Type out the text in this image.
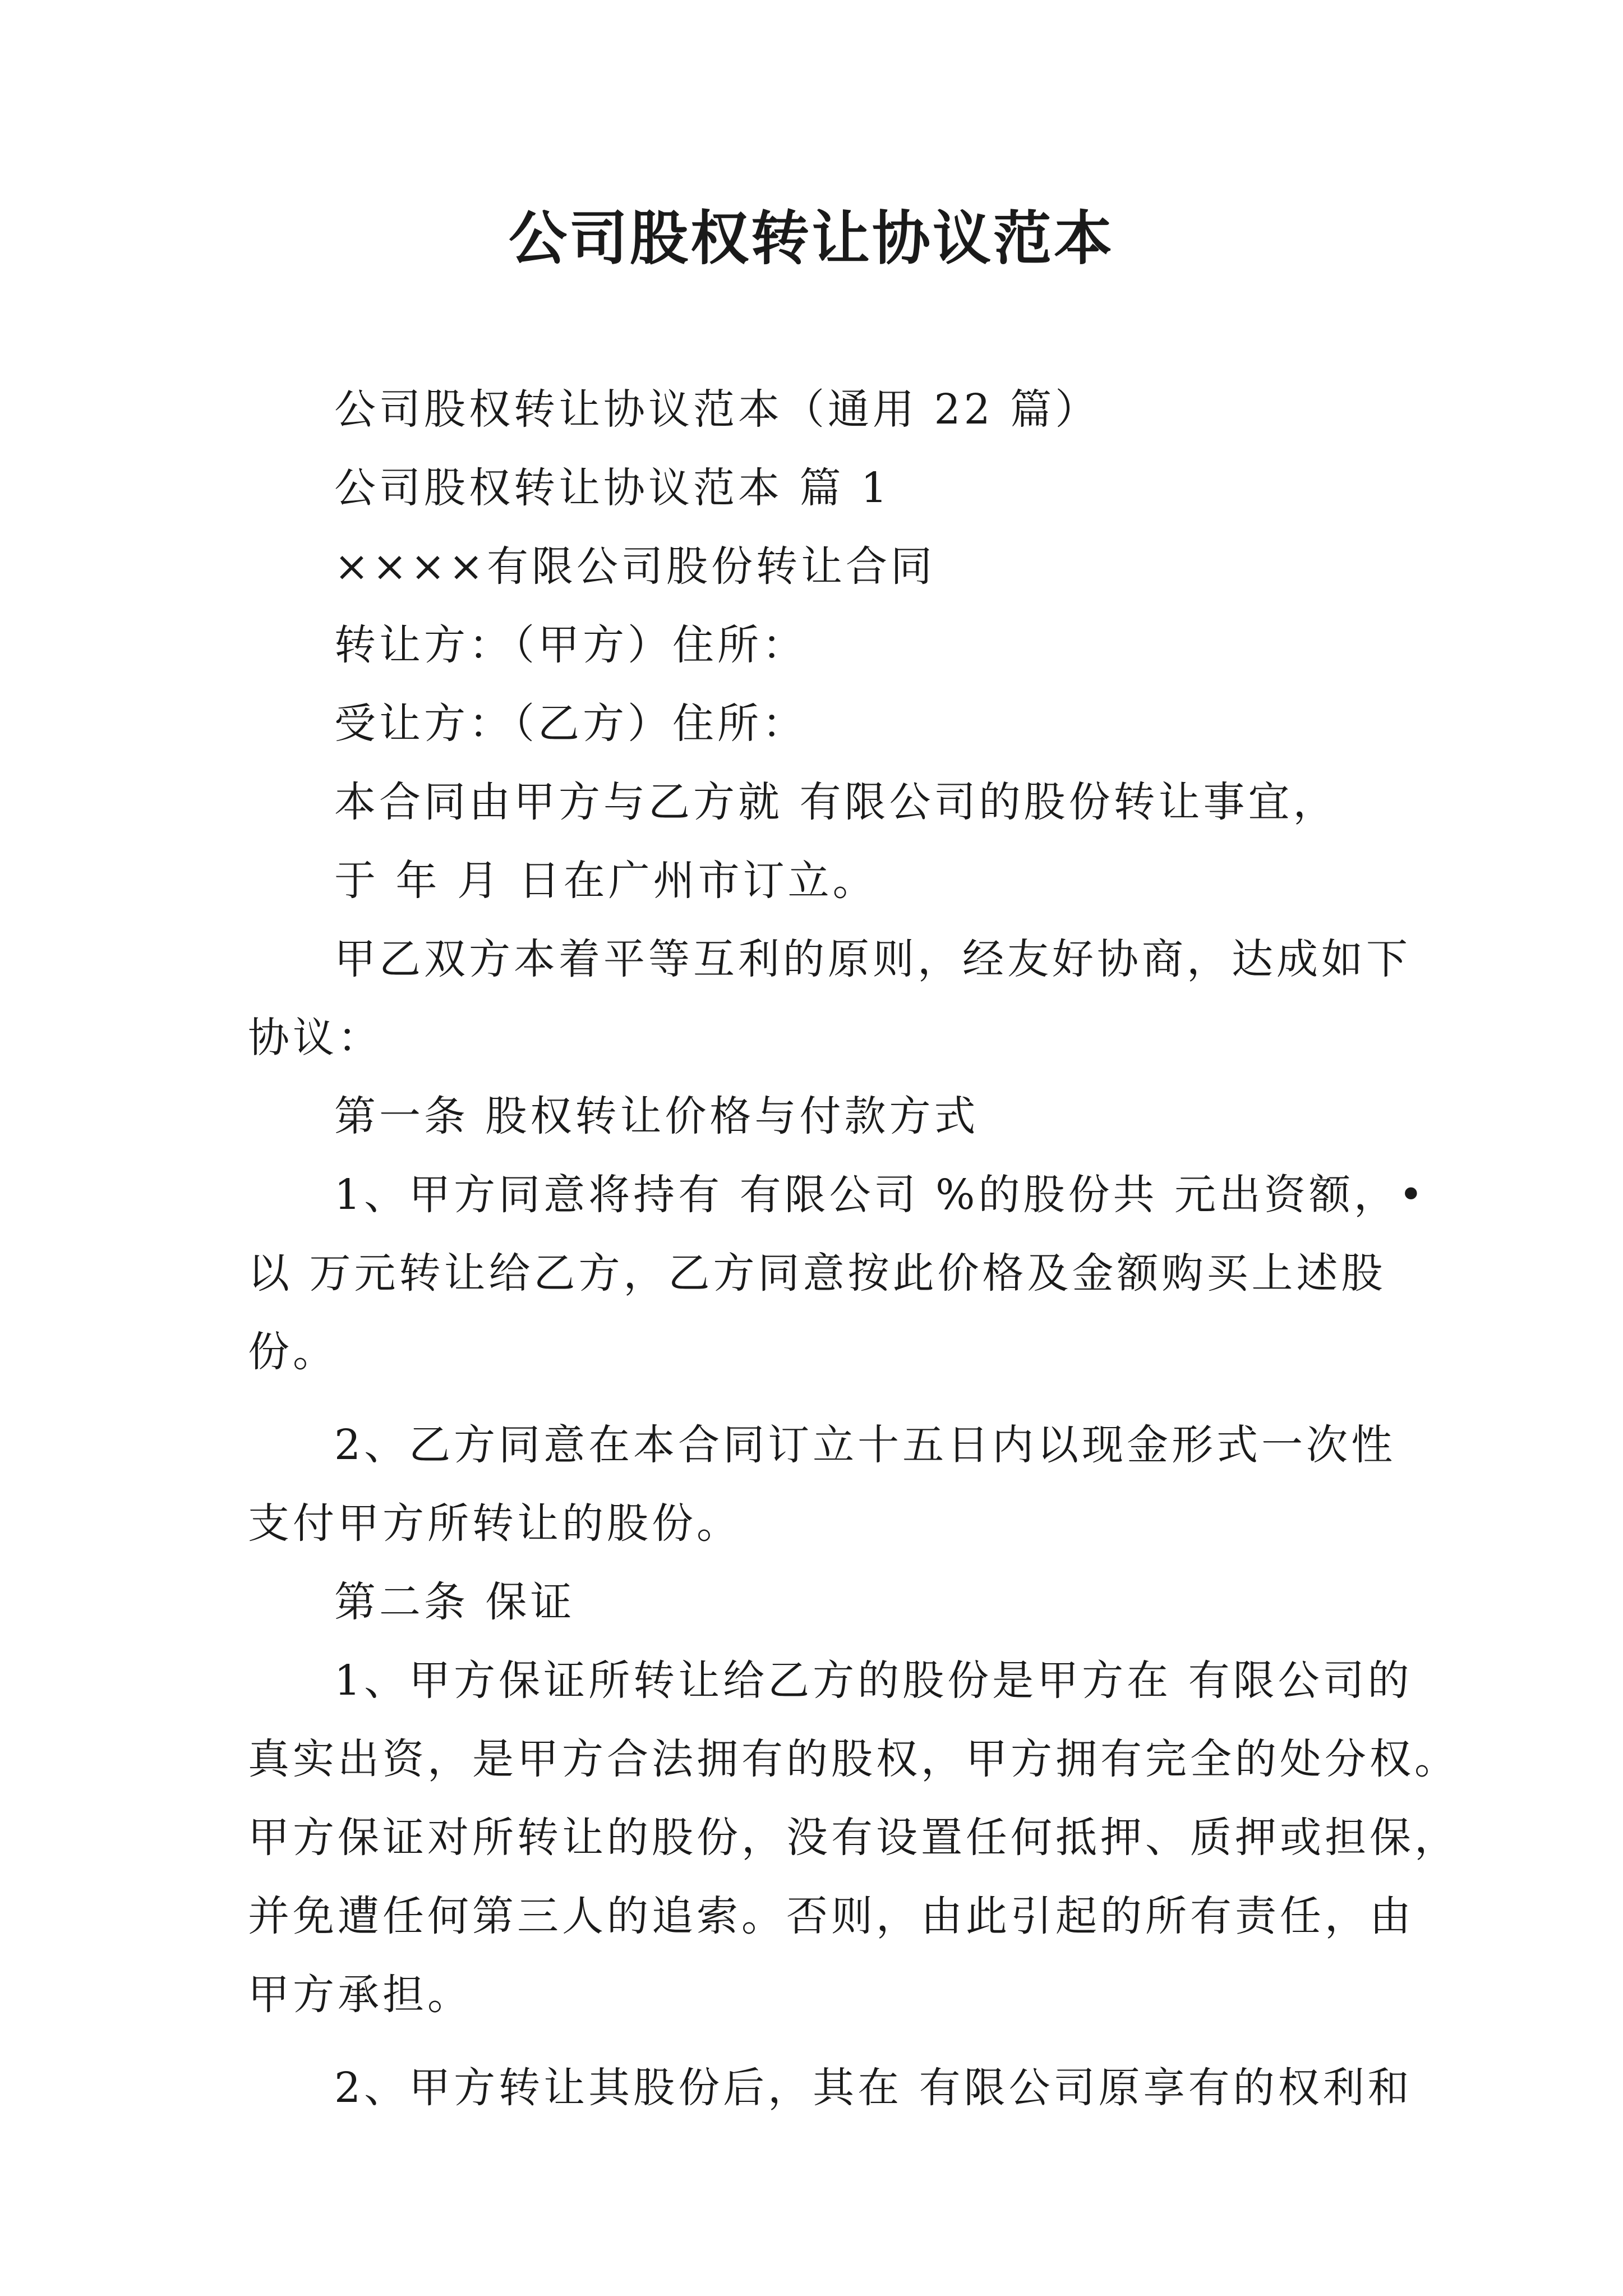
公司股权转让协议范本

公司股权转让协议范本（通用 22 篇）

公司股权转让协议范本 篇 1

××××有限公司股份转让合同

转让方：（甲方）住所：

受让方：（乙方）住所：

本合同由甲方与乙方就 有限公司的股份转让事宜，

于 年 月 日在广州市订立。

甲乙双方本着平等互利的原则，经友好协商，达成如下

协议：

第一条 股权转让价格与付款方式

1、甲方同意将持有 有限公司 %的股份共 元出资额，•

以 万元转让给乙方，乙方同意按此价格及金额购买上述股

份。

2、乙方同意在本合同订立十五日内以现金形式一次性

支付甲方所转让的股份。

第二条 保证

1、甲方保证所转让给乙方的股份是甲方在 有限公司的

真实出资，是甲方合法拥有的股权，甲方拥有完全的处分权。

甲方保证对所转让的股份，没有设置任何抵押、质押或担保，

并免遭任何第三人的追索。否则，由此引起的所有责任，由

甲方承担。

2、甲方转让其股份后，其在 有限公司原享有的权利和
